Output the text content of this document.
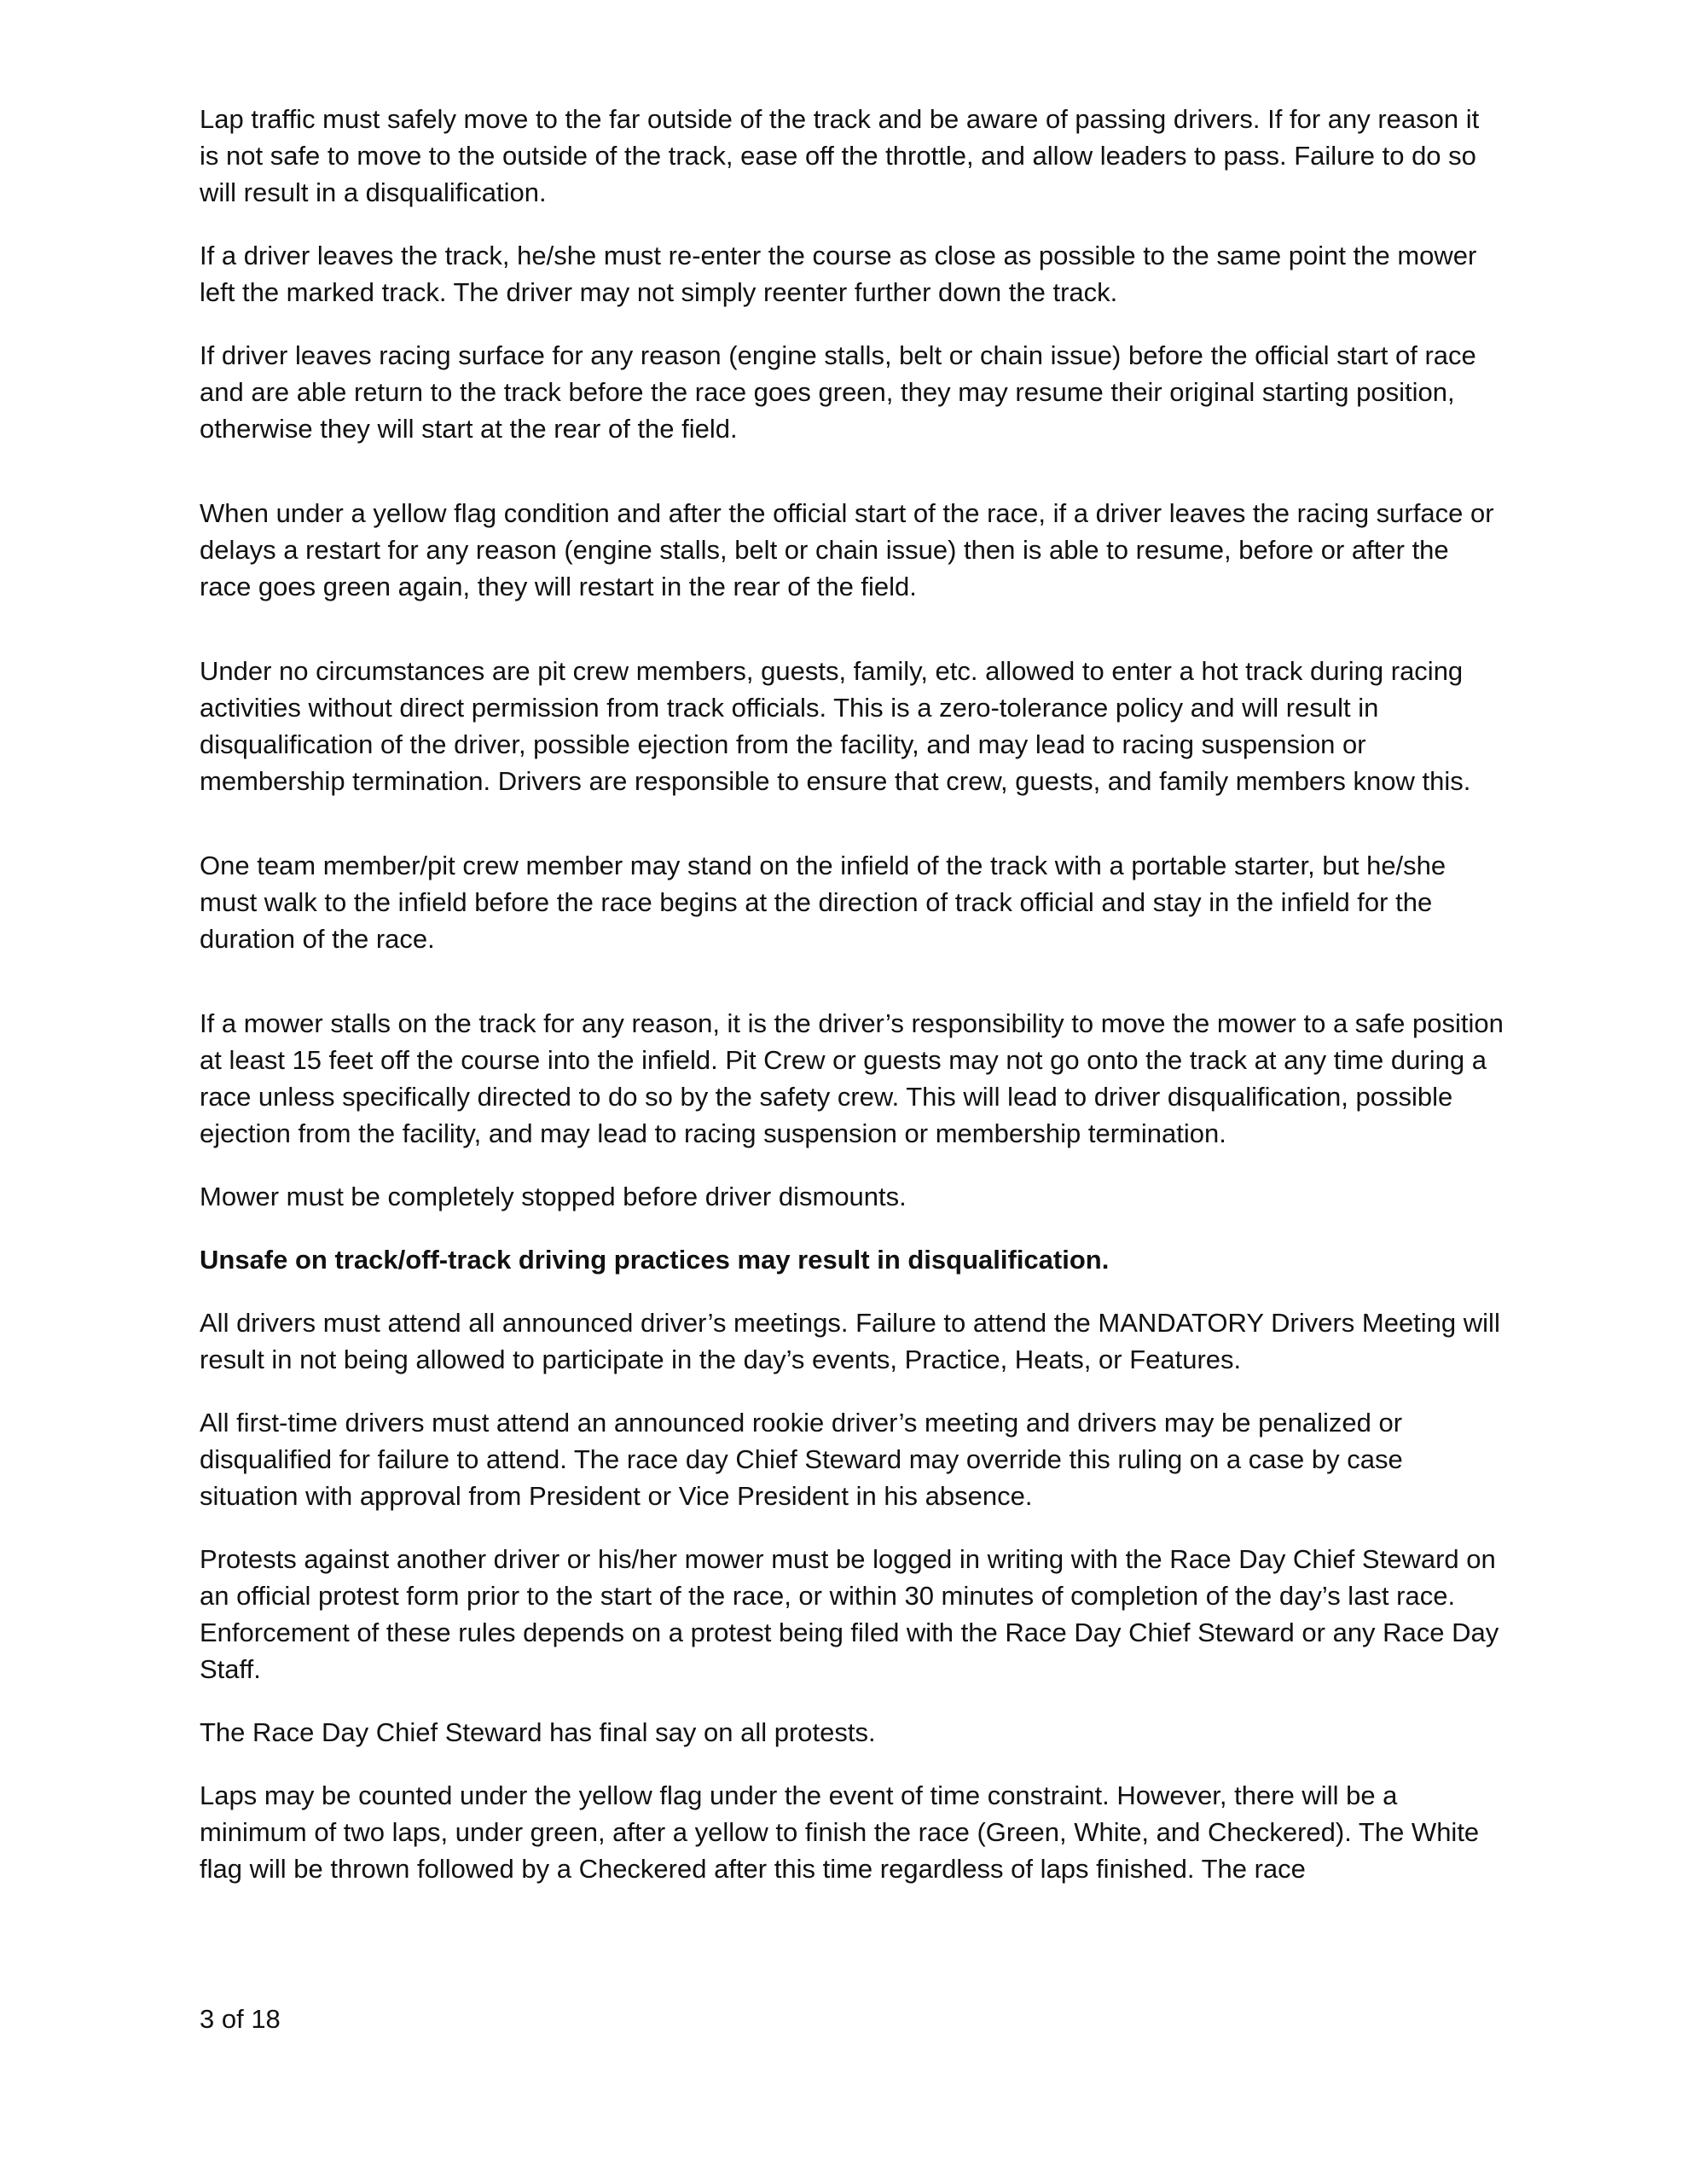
Lap traffic must safely move to the far outside of the track and be aware of passing drivers. If for any reason it is not safe to move to the outside of the track, ease off the throttle, and allow leaders to pass. Failure to do so will result in a disqualification.

If a driver leaves the track, he/she must re-enter the course as close as possible to the same point the mower left the marked track. The driver may not simply reenter further down the track.

If driver leaves racing surface for any reason (engine stalls, belt or chain issue) before the official start of race and are able return to the track before the race goes green, they may resume their original starting position, otherwise they will start at the rear of the field.

When under a yellow flag condition and after the official start of the race, if a driver leaves the racing surface or delays a restart for any reason (engine stalls, belt or chain issue) then is able to resume, before or after the race goes green again, they will restart in the rear of the field.

Under no circumstances are pit crew members, guests, family, etc. allowed to enter a hot track during racing activities without direct permission from track officials. This is a zero-tolerance policy and will result in disqualification of the driver, possible ejection from the facility, and may lead to racing suspension or membership termination. Drivers are responsible to ensure that crew, guests, and family members know this.

One team member/pit crew member may stand on the infield of the track with a portable starter, but he/she must walk to the infield before the race begins at the direction of track official and stay in the infield for the duration of the race.

If a mower stalls on the track for any reason, it is the driver’s responsibility to move the mower to a safe position at least 15 feet off the course into the infield. Pit Crew or guests may not go onto the track at any time during a race unless specifically directed to do so by the safety crew. This will lead to driver disqualification, possible ejection from the facility, and may lead to racing suspension or membership termination.

Mower must be completely stopped before driver dismounts.

Unsafe on track/off-track driving practices may result in disqualification.

All drivers must attend all announced driver’s meetings. Failure to attend the MANDATORY Drivers Meeting will result in not being allowed to participate in the day’s events, Practice, Heats, or Features.

All first-time drivers must attend an announced rookie driver’s meeting and drivers may be penalized or disqualified for failure to attend. The race day Chief Steward may override this ruling on a case by case situation with approval from President or Vice President in his absence.

Protests against another driver or his/her mower must be logged in writing with the Race Day Chief Steward on an official protest form prior to the start of the race, or within 30 minutes of completion of the day’s last race. Enforcement of these rules depends on a protest being filed with the Race Day Chief Steward or any Race Day Staff.

The Race Day Chief Steward has final say on all protests.

Laps may be counted under the yellow flag under the event of time constraint. However, there will be a minimum of two laps, under green, after a yellow to finish the race (Green, White, and Checkered). The White flag will be thrown followed by a Checkered after this time regardless of laps finished. The race

3 of 18
